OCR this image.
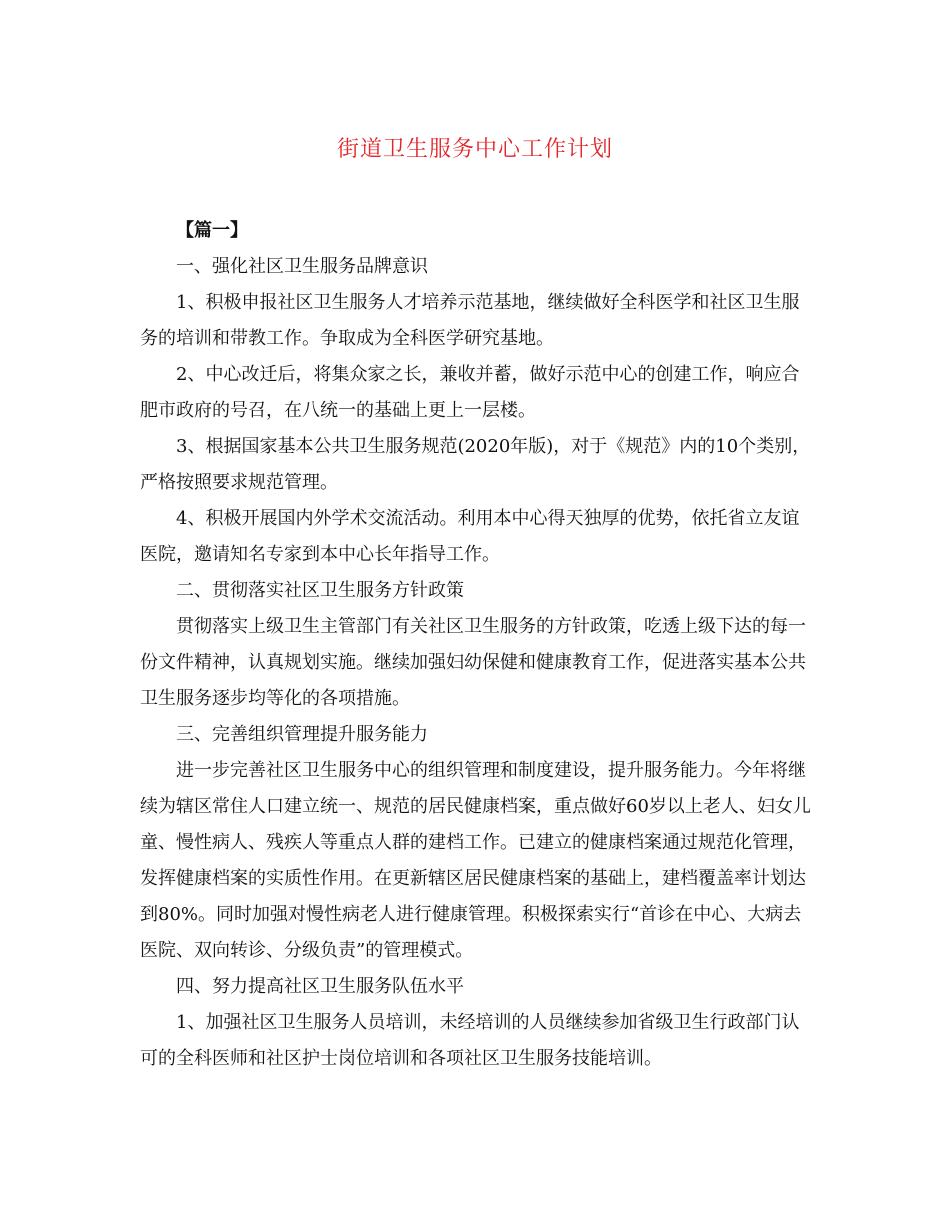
街道卫生服务中心工作计划

【篇一】

一、强化社区卫生服务品牌意识

1、积极申报社区卫生服务人才培养示范基地，继续做好全科医学和社区卫生服务的培训和带教工作。争取成为全科医学研究基地。

2、中心改迁后，将集众家之长，兼收并蓄，做好示范中心的创建工作，响应合肥市政府的号召，在八统一的基础上更上一层楼。

3、根据国家基本公共卫生服务规范(2020年版)，对于《规范》内的10个类别，严格按照要求规范管理。

4、积极开展国内外学术交流活动。利用本中心得天独厚的优势，依托省立友谊医院，邀请知名专家到本中心长年指导工作。

二、贯彻落实社区卫生服务方针政策

贯彻落实上级卫生主管部门有关社区卫生服务的方针政策，吃透上级下达的每一份文件精神，认真规划实施。继续加强妇幼保健和健康教育工作，促进落实基本公共卫生服务逐步均等化的各项措施。

三、完善组织管理提升服务能力

进一步完善社区卫生服务中心的组织管理和制度建设，提升服务能力。今年将继续为辖区常住人口建立统一、规范的居民健康档案，重点做好60岁以上老人、妇女儿童、慢性病人、残疾人等重点人群的建档工作。已建立的健康档案通过规范化管理，发挥健康档案的实质性作用。在更新辖区居民健康档案的基础上，建档覆盖率计划达到80%。同时加强对慢性病老人进行健康管理。积极探索实行“首诊在中心、大病去医院、双向转诊、分级负责”的管理模式。

四、努力提高社区卫生服务队伍水平

1、加强社区卫生服务人员培训，未经培训的人员继续参加省级卫生行政部门认可的全科医师和社区护士岗位培训和各项社区卫生服务技能培训。
